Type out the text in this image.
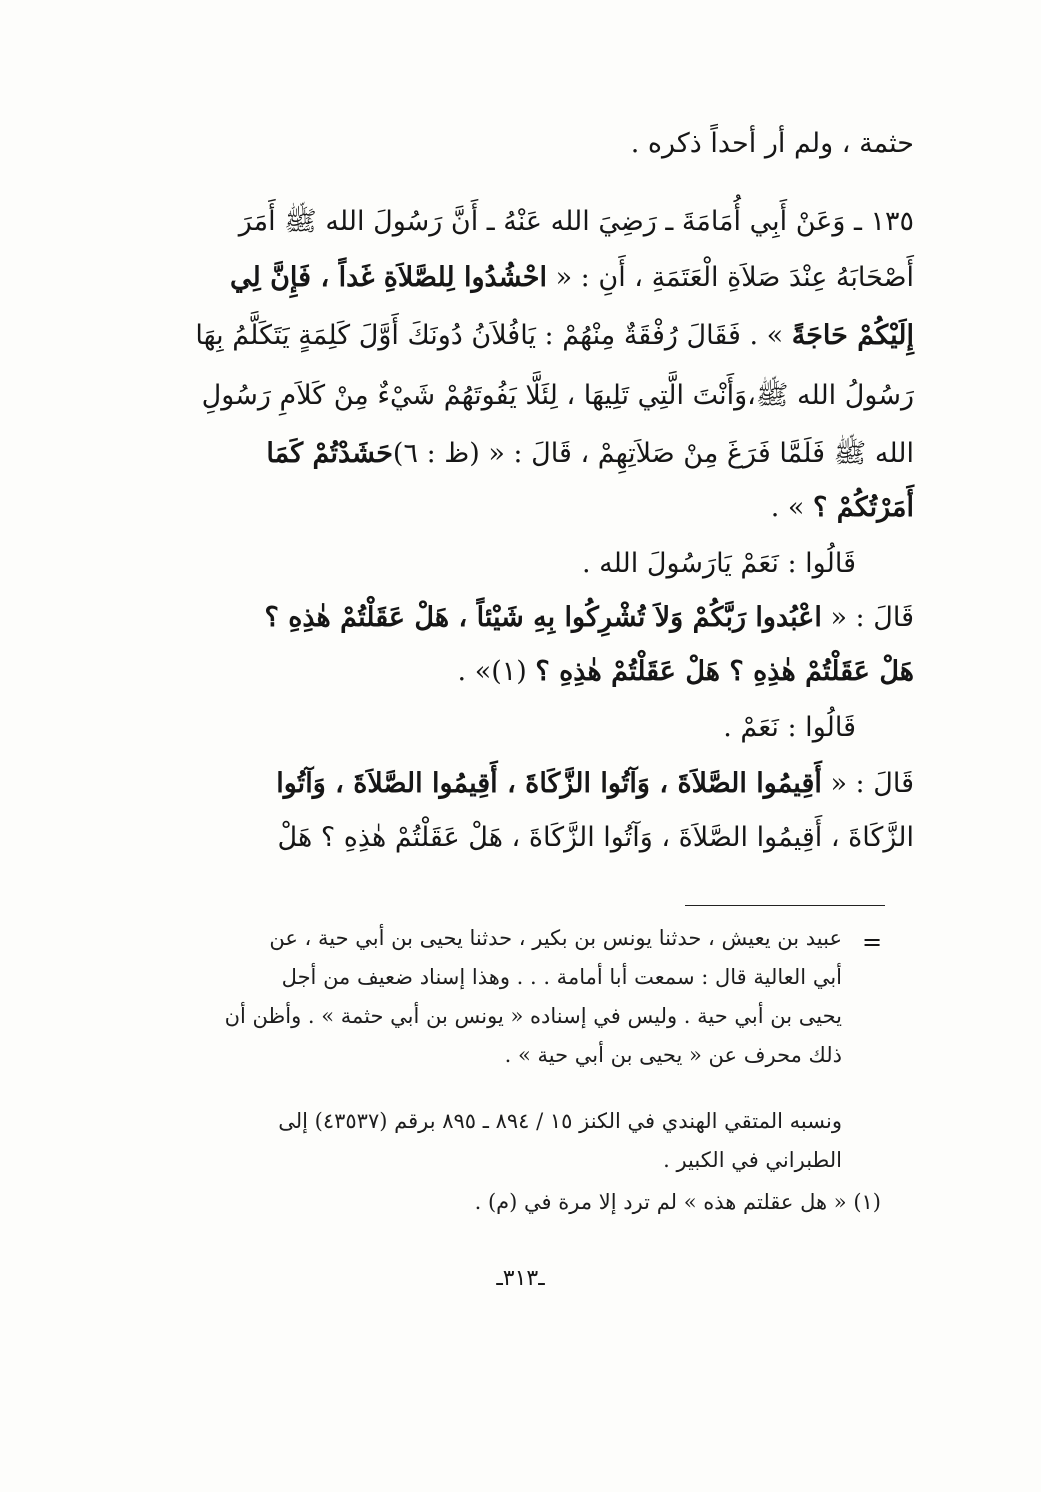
حثمة ، ولم أر أحداً ذكره .
١٣٥ ـ وَعَنْ أَبِي أُمَامَةَ ـ رَضِيَ الله عَنْهُ ـ أَنَّ رَسُولَ الله ﷺ أَمَرَ
أَصْحَابَهُ عِنْدَ صَلاَةِ الْعَتَمَةِ ، أَنِ : « احْشُدُوا لِلصَّلاَةِ غَداً ، فَإِنَّ لِي
إِلَيْكُمْ حَاجَةً » . فَقَالَ رُفْقَةٌ مِنْهُمْ : يَافُلاَنُ دُونَكَ أَوَّلَ كَلِمَةٍ يَتَكَلَّمُ بِهَا
رَسُولُ الله ﷺ،وَأَنْتَ الَّتِي تَلِيهَا ، لِئَلَّا يَفُوتَهُمْ شَيْءٌ مِنْ كَلاَمِ رَسُولِ
الله ﷺ فَلَمَّا فَرَغَ مِنْ صَلاَتِهِمْ ، قَالَ : « (ظ : ٦)حَشَدْتُمْ كَمَا
أَمَرْتُكُمْ ؟ » .
قَالُوا : نَعَمْ يَارَسُولَ الله .
قَالَ : « اعْبُدوا رَبَّكُمْ وَلاَ تُشْرِكُوا بِهِ شَيْئاً ، هَلْ عَقَلْتُمْ هٰذِهِ ؟
هَلْ عَقَلْتُمْ هٰذِهِ ؟ هَلْ عَقَلْتُمْ هٰذِهِ ؟ (١)» .
قَالُوا : نَعَمْ .
قَالَ : « أَقِيمُوا الصَّلاَةَ ، وَآتُوا الزَّكَاةَ ، أَقِيمُوا الصَّلاَةَ ، وَآتُوا
الزَّكَاةَ ، أَقِيمُوا الصَّلاَةَ ، وَآتُوا الزَّكَاةَ ، هَلْ عَقَلْتُمْ هٰذِهِ ؟ هَلْ
=
عبيد بن يعيش ، حدثنا يونس بن بكير ، حدثنا يحيى بن أبي حية ، عن
أبي العالية قال : سمعت أبا أمامة . . . وهذا إسناد ضعيف من أجل
يحيى بن أبي حية . وليس في إسناده « يونس بن أبي حثمة » . وأظن أن
ذلك محرف عن « يحيى بن أبي حية » .
ونسبه المتقي الهندي في الكنز ١٥ / ٨٩٤ ـ ٨٩٥ برقم (٤٣٥٣٧) إلى
الطبراني في الكبير .
(١) « هل عقلتم هذه » لم ترد إلا مرة في (م) .
ـ٣١٣ـ
